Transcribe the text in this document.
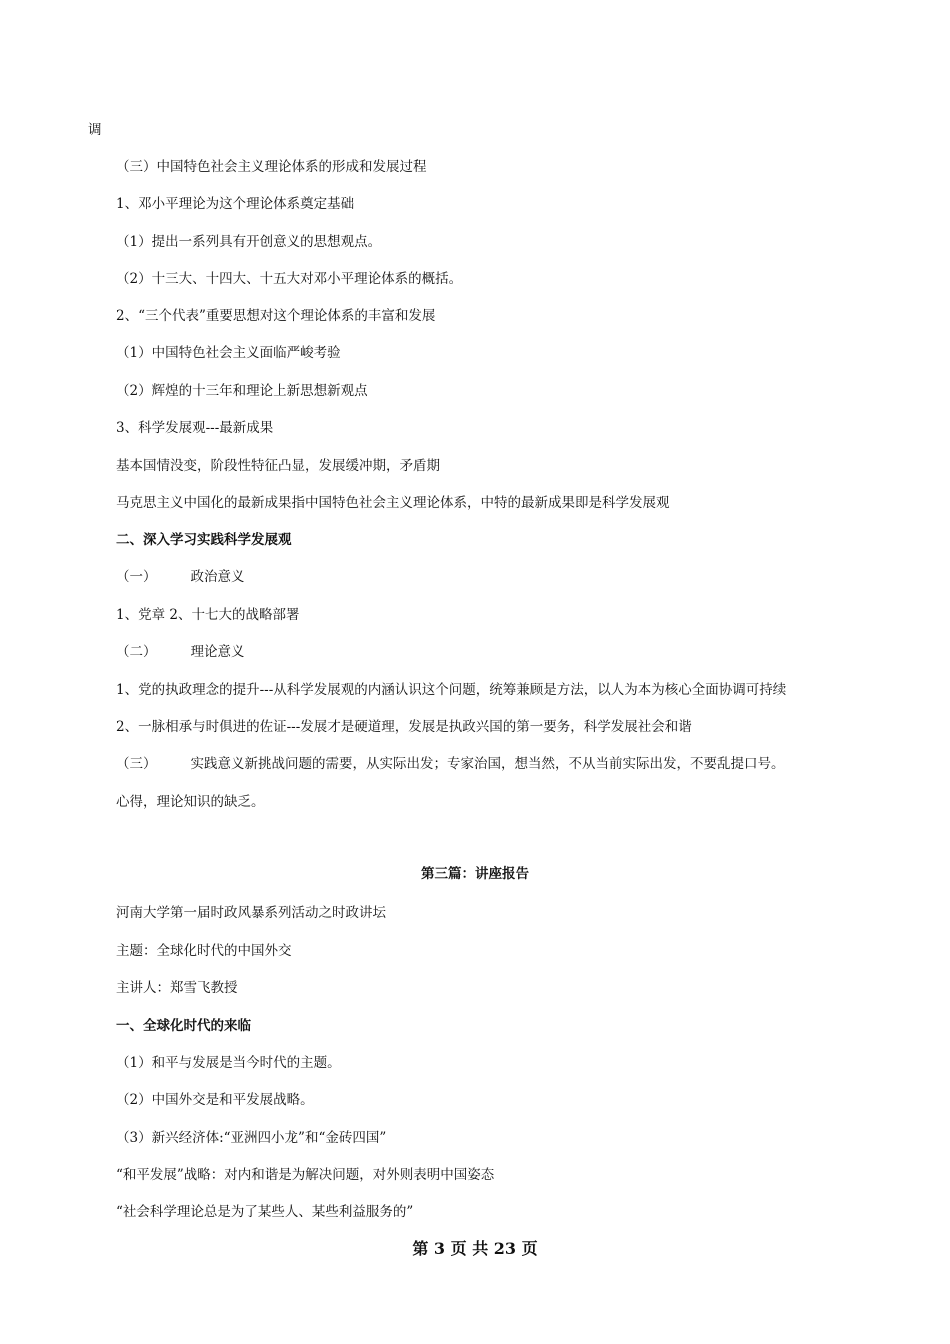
调
（三）中国特色社会主义理论体系的形成和发展过程
1、邓小平理论为这个理论体系奠定基础
（1）提出一系列具有开创意义的思想观点。
（2）十三大、十四大、十五大对邓小平理论体系的概括。
2、“三个代表”重要思想对这个理论体系的丰富和发展
（1）中国特色社会主义面临严峻考验
（2）辉煌的十三年和理论上新思想新观点
3、科学发展观---最新成果
基本国情没变，阶段性特征凸显，发展缓冲期，矛盾期
马克思主义中国化的最新成果指中国特色社会主义理论体系，中特的最新成果即是科学发展观
二、深入学习实践科学发展观
（一）	政治意义
1、党章 2、十七大的战略部署
（二）	理论意义
1、党的执政理念的提升---从科学发展观的内涵认识这个问题，统筹兼顾是方法，以人为本为核心全面协调可持续
2、一脉相承与时俱进的佐证---发展才是硬道理，发展是执政兴国的第一要务，科学发展社会和谐
（三）	实践意义新挑战问题的需要，从实际出发；专家治国，想当然，不从当前实际出发，不要乱提口号。
心得，理论知识的缺乏。
第三篇：讲座报告
河南大学第一届时政风暴系列活动之时政讲坛
主题：全球化时代的中国外交
主讲人：郑雪飞教授
一、全球化时代的来临
（1）和平与发展是当今时代的主题。
（2）中国外交是和平发展战略。
（3）新兴经济体:“亚洲四小龙”和“金砖四国”
“和平发展”战略：对内和谐是为解决问题，对外则表明中国姿态
“社会科学理论总是为了某些人、某些利益服务的”
第 3 页 共 23 页
